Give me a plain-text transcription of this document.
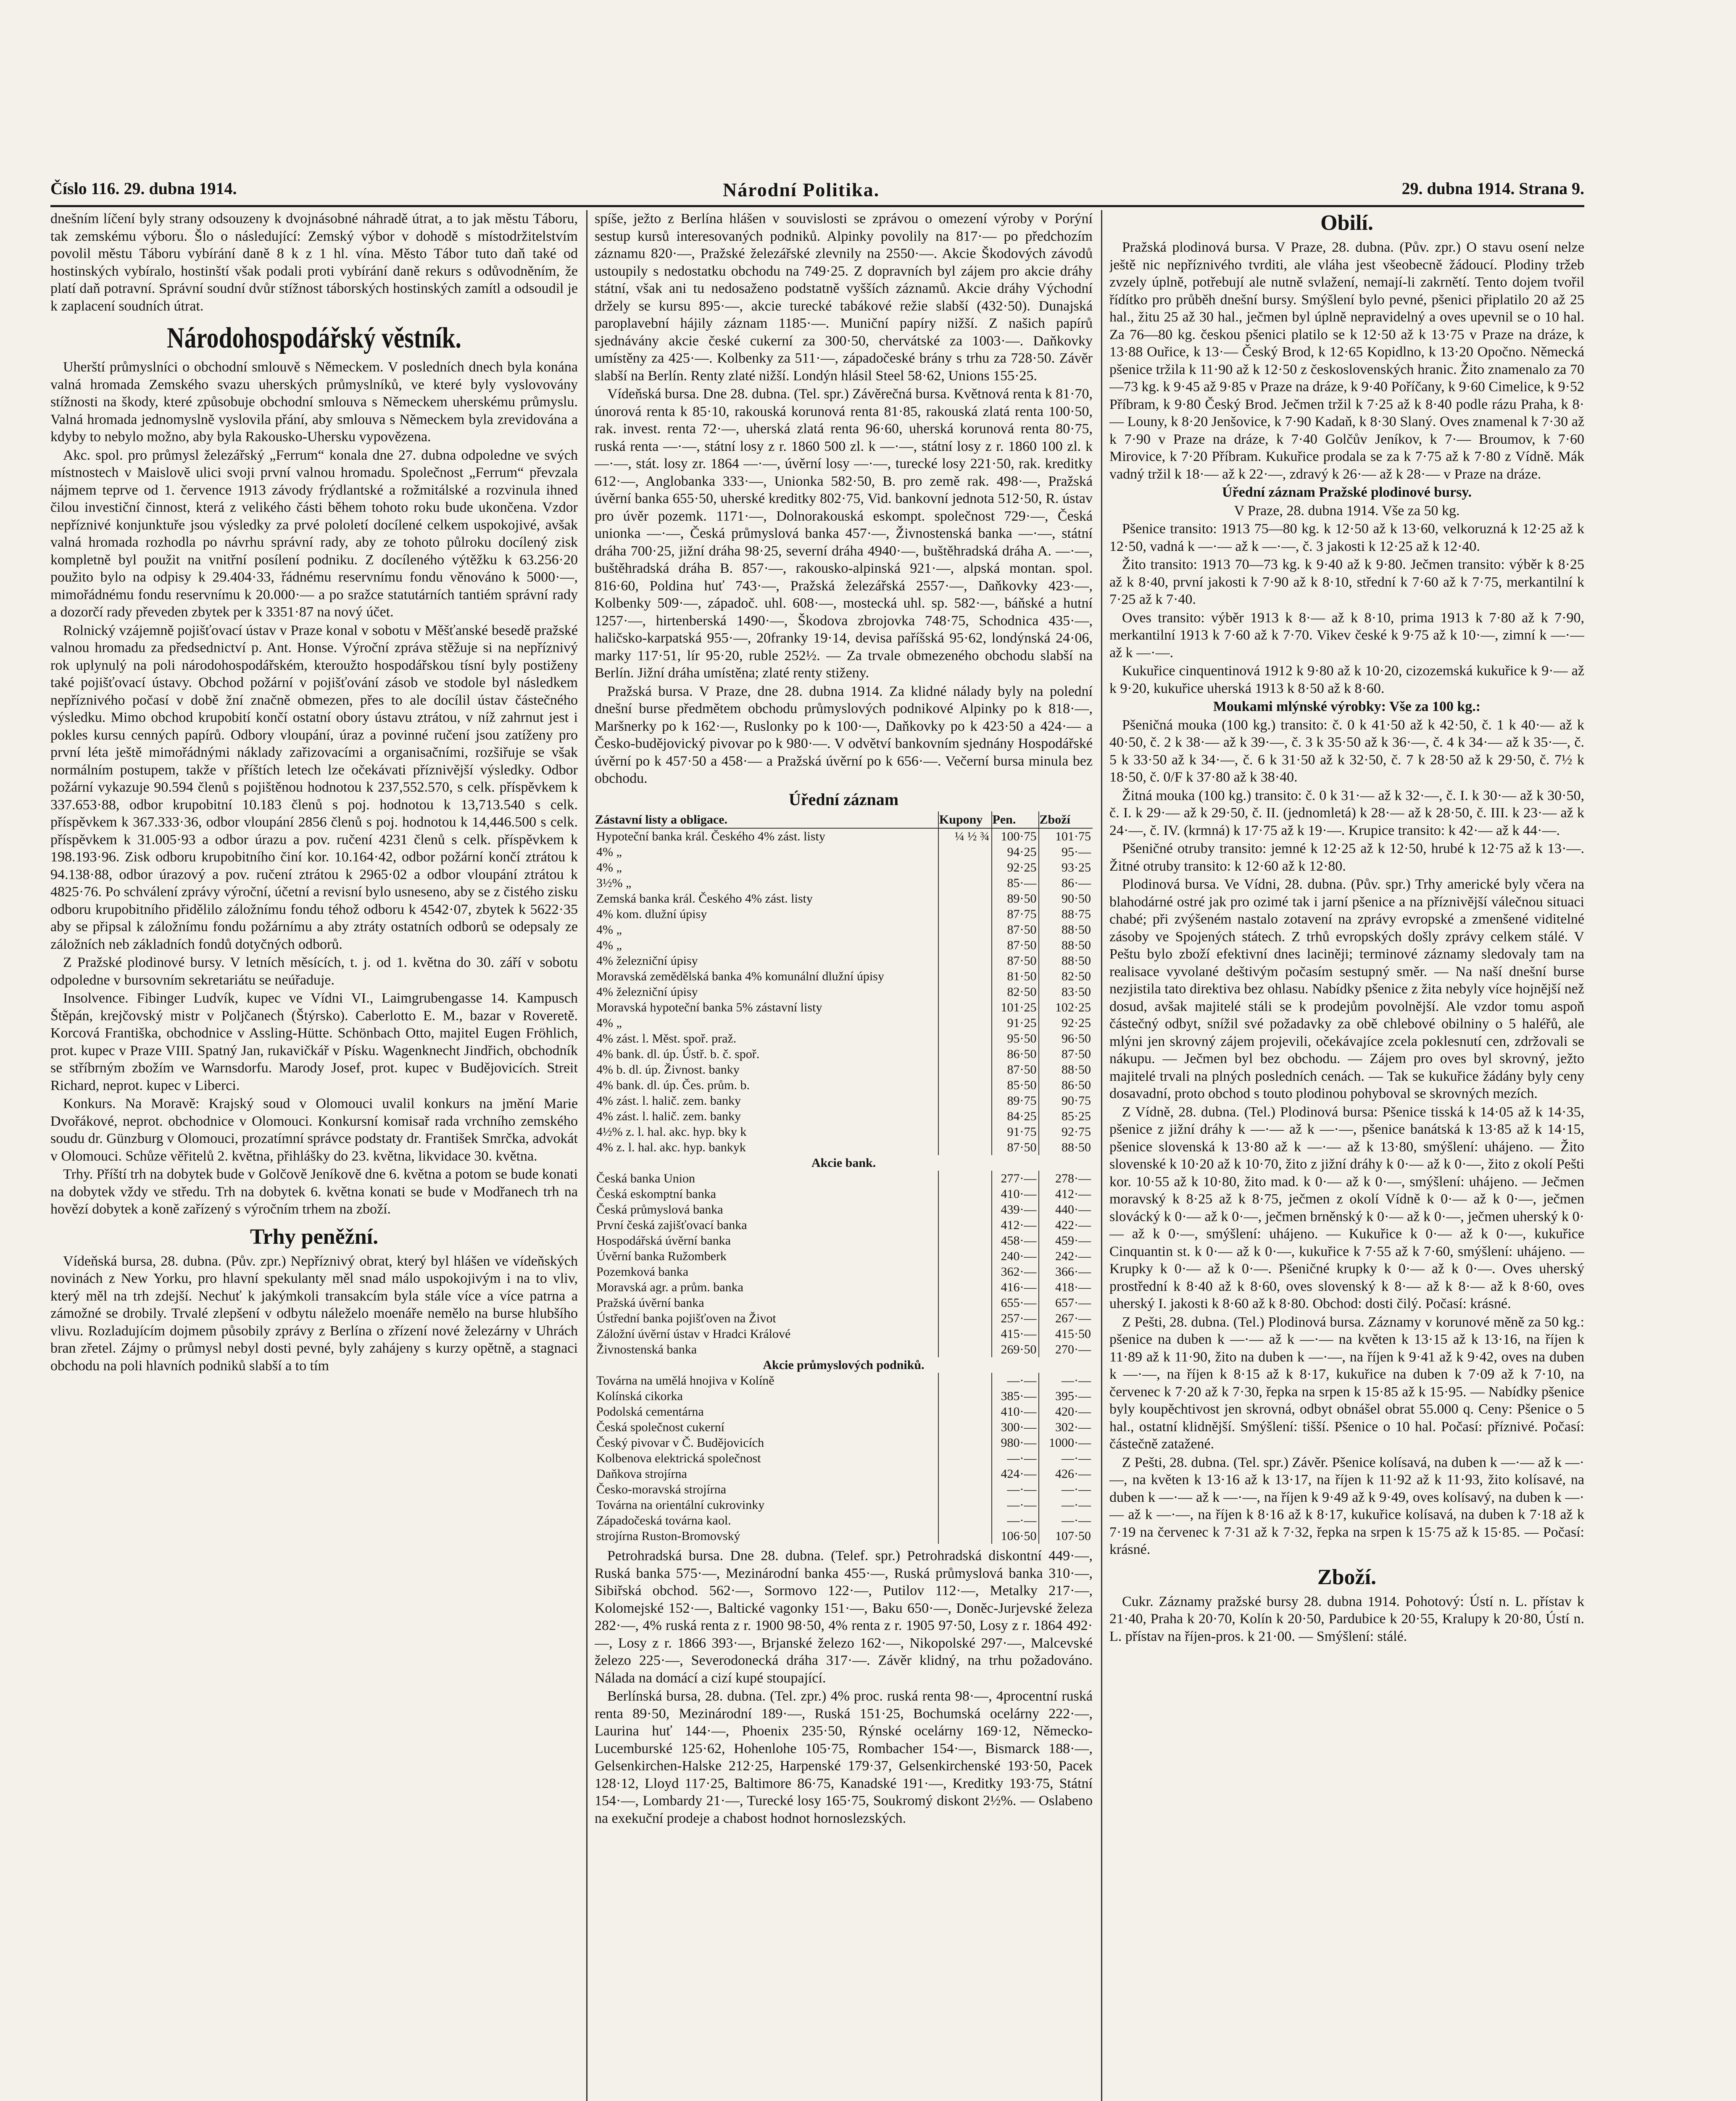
Číslo 116. 29. dubna 1914.	Národní Politika.	29. dubna 1914. Strana 9.

dnešním líčení byly strany odsouzeny k dvojnásobné náhradě útrat, a to jak městu Táboru, tak zemskému výboru. Šlo o následující: Zemský výbor v dohodě s místodržitelstvím povolil městu Táboru vybírání daně 8 k z 1 hl. vína. Město Tábor tuto daň také od hostinských vybíralo, hostinští však podali proti vybírání daně rekurs s odůvodněním, že platí daň potravní. Správní soudní dvůr stížnost táborských hostinských zamítl a odsoudil je k zaplacení soudních útrat.

Národohospodářský věstník.

Uherští průmyslníci o obchodní smlouvě s Německem. V posledních dnech byla konána valná hromada Zemského svazu uherských průmyslníků, ve které byly vyslovovány stížnosti na škody, které způsobuje obchodní smlouva s Německem uherskému průmyslu. Valná hromada jednomyslně vyslovila přání, aby smlouva s Německem byla zrevidována a kdyby to nebylo možno, aby byla Rakousko-Uhersku vypovězena.

Akc. spol. pro průmysl železářský „Ferrum“ konala dne 27. dubna odpoledne ve svých místnostech v Maislově ulici svoji první valnou hromadu. Společnost „Ferrum“ převzala nájmem teprve od 1. července 1913 závody frýdlantské a rožmitálské a rozvinula ihned čilou investiční činnost, která z velikého části během tohoto roku bude ukončena. Vzdor nepříznivé konjunktuře jsou výsledky za prvé pololetí docílené celkem uspokojivé, avšak valná hromada rozhodla po návrhu správní rady, aby ze tohoto půlroku docílený zisk kompletně byl použit na vnitřní posílení podniku. Z docíleného výtěžku k 63.256·20 použito bylo na odpisy k 29.404·33, řádnému reservnímu fondu věnováno k 5000·—, mimořádnému fondu reservnímu k 20.000·— a po sražce statutárních tantiém správní rady a dozorčí rady převeden zbytek per k 3351·87 na nový účet.

Rolnický vzájemně pojišťovací ústav v Praze konal v sobotu v Měšťanské besedě pražské valnou hromadu za předsednictví p. Ant. Honse. Výroční zpráva stěžuje si na nepříznivý rok uplynulý na poli národohospodářském, kteroužto hospodářskou tísní byly postiženy také pojišťovací ústavy. Obchod požární v pojišťování zásob ve stodole byl následkem nepříznivého počasí v době žní značně obmezen, přes to ale docílil ústav částečného výsledku. Mimo obchod krupobití končí ostatní obory ústavu ztrátou, v níž zahrnut jest i pokles kursu cenných papírů. Odbory vloupání, úraz a povinné ručení jsou zatíženy pro první léta ještě mimořádnými náklady zařizovacími a organisačními, rozšiřuje se však normálním postupem, takže v příštích letech lze očekávati příznivější výsledky. Odbor požární vykazuje 90.594 členů s pojištěnou hodnotou k 237,552.570, s celk. příspěvkem k 337.653·88, odbor krupobitní 10.183 členů s poj. hodnotou k 13,713.540 s celk. příspěvkem k 367.333·36, odbor vloupání 2856 členů s poj. hodnotou k 14,446.500 s celk. příspěvkem k 31.005·93 a odbor úrazu a pov. ručení 4231 členů s celk. příspěvkem k 198.193·96. Zisk odboru krupobitního činí kor. 10.164·42, odbor požární končí ztrátou k 94.138·88, odbor úrazový a pov. ručení ztrátou k 2965·02 a odbor vloupání ztrátou k 4825·76. Po schválení zprávy výroční, účetní a revisní bylo usneseno, aby se z čistého zisku odboru krupobitního přidělilo záložnímu fondu téhož odboru k 4542·07, zbytek k 5622·35 aby se připsal k záložnímu fondu požárnímu a aby ztráty ostatních odborů se odepsaly ze záložních neb základních fondů dotyčných odborů.

Z Pražské plodinové bursy. V letních měsících, t. j. od 1. května do 30. září v sobotu odpoledne v bursovním sekretariátu se neúřaduje.

Insolvence. Fibinger Ludvík, kupec ve Vídni VI., Laimgrubengasse 14. Kampusch Štěpán, krejčovský mistr v Poljčanech (Štýrsko). Caberlotto E. M., bazar v Roveretě. Korcová Františka, obchodnice v Assling-Hütte. Schönbach Otto, majitel Eugen Fröhlich, prot. kupec v Praze VIII. Spatný Jan, rukavičkář v Písku. Wagenknecht Jindřich, obchodník se stříbrným zbožím ve Warnsdorfu. Marody Josef, prot. kupec v Budějovicích. Streit Richard, neprot. kupec v Liberci.

Konkurs. Na Moravě: Krajský soud v Olomouci uvalil konkurs na jmění Marie Dvořákové, neprot. obchodnice v Olomouci. Konkursní komisař rada vrchního zemského soudu dr. Günzburg v Olomouci, prozatímní správce podstaty dr. František Smrčka, advokát v Olomouci. Schůze věřitelů 2. května, přihlášky do 23. května, likvidace 30. května.

Trhy. Příští trh na dobytek bude v Golčově Jeníkově dne 6. května a potom se bude konati na dobytek vždy ve středu. Trh na dobytek 6. května konati se bude v Modřanech trh na hovězí dobytek a koně zařízený s výročním trhem na zboží.

Trhy peněžní.

Vídeňská bursa, 28. dubna. (Pův. zpr.) Nepříznivý obrat, který byl hlášen ve vídeňských novinách z New Yorku, pro hlavní spekulanty měl snad málo uspokojivým i na to vliv, který měl na trh zdejší. Nechuť k jakýmkoli transakcím byla stále více a více patrna a zámožné se drobily. Trvalé zlepšení v odbytu náleželo moenáře nemělo na burse hlubšího vlivu. Rozladujícím dojmem působily zprávy z Berlína o zřízení nové železárny v Uhrách bran zřetel. Zájmy o průmysl nebyl dosti pevné, byly zahájeny s kurzy opětně, a stagnaci obchodu na poli hlavních podniků slabší a to tím

spíše, ježto z Berlína hlášen v souvislosti se zprávou o omezení výroby v Porýní sestup kursů interesovaných podniků. Alpinky povolily na 817·— po předchozím záznamu 820·—, Pražské železářské zlevnily na 2550·—. Akcie Škodových závodů ustoupily s nedostatku obchodu na 749·25. Z dopravních byl zájem pro akcie dráhy státní, však ani tu nedosaženo podstatně vyšších záznamů. Akcie dráhy Východní držely se kursu 895·—, akcie turecké tabákové režie slabší (432·50). Dunajská paroplavební hájily záznam 1185·—. Muniční papíry nižší. Z našich papírů sjednávány akcie české cukerní za 300·50, chervátské za 1003·—. Daňkovky umístěny za 425·—. Kolbenky za 511·—, západočeské brány s trhu za 728·50. Závěr slabší na Berlín. Renty zlaté nižší. Londýn hlásil Steel 58·62, Unions 155·25.

Vídeňská bursa. Dne 28. dubna. (Tel. spr.) Závěrečná bursa. Květnová renta k 81·70, únorová renta k 85·10, rakouská korunová renta 81·85, rakouská zlatá renta 100·50, rak. invest. renta 72·—, uherská zlatá renta 96·60, uherská korunová renta 80·75, ruská renta —·—, státní losy z r. 1860 500 zl. k —·—, státní losy z r. 1860 100 zl. k —·—, stát. losy zr. 1864 —·—, úvěrní losy —·—, turecké losy 221·50, rak. kreditky 612·—, Anglobanka 333·—, Unionka 582·50, B. pro země rak. 498·—, Pražská úvěrní banka 655·50, uherské kreditky 802·75, Vid. bankovní jednota 512·50, R. ústav pro úvěr pozemk. 1171·—, Dolnorakouská eskompt. společnost 729·—, Česká unionka —·—, Česká průmyslová banka 457·—, Živnostenská banka —·—, státní dráha 700·25, jižní dráha 98·25, severní dráha 4940·—, buštěhradská dráha A. —·—, buštěhradská dráha B. 857·—, rakousko-alpinská 921·—, alpská montan. spol. 816·60, Poldina huť 743·—, Pražská železářská 2557·—, Daňkovky 423·—, Kolbenky 509·—, západoč. uhl. 608·—, mostecká uhl. sp. 582·—, báňské a hutní 1257·—, hirtenberská 1490·—, Škodova zbrojovka 748·75, Schodnica 435·—, haličsko-karpatská 955·—, 20franky 19·14, devisa paříšská 95·62, londýnská 24·06, marky 117·51, lír 95·20, ruble 252½. — Za trvale obmezeného obchodu slabší na Berlín. Jižní dráha umístěna; zlaté renty stiženy.

Pražská bursa. V Praze, dne 28. dubna 1914. Za klidné nálady byly na polední dnešní burse předmětem obchodu průmyslových podnikové Alpinky po k 818·—, Maršnerky po k 162·—, Ruslonky po k 100·—, Daňkovky po k 423·50 a 424·— a Česko-budějovický pivovar po k 980·—. V odvětví bankovním sjednány Hospodářské úvěrní po k 457·50 a 458·— a Pražská úvěrní po k 656·—. Večerní bursa minula bez obchodu.

Úřední záznam
Zástavní listy a obligace.	Kupony	Pen.	Zboží
Hypoteční banka král. Českého 4% zást. listy	¼ ½ ¾	100·75	101·75
4% „		94·25	95·—
4% „		92·25	93·25
3½% „		85·—	86·—
Zemská banka král. Českého 4% zást. listy		89·50	90·50
4% kom. dlužní úpisy		87·75	88·75
4% „		87·50	88·50
4% „		87·50	88·50
4% železniční úpisy		87·50	88·50
Moravská zemědělská banka 4% komunální dlužní úpisy		81·50	82·50
4% železniční úpisy		82·50	83·50
Moravská hypoteční banka 5% zástavní listy		101·25	102·25
4% „		91·25	92·25
4% zást. l. Měst. spoř. praž.		95·50	96·50
4% bank. dl. úp. Ústř. b. č. spoř.		86·50	87·50
4% b. dl. úp. Živnost. banky		87·50	88·50
4% bank. dl. úp. Čes. prům. b.		85·50	86·50
4% zást. l. halič. zem. banky		89·75	90·75
4% zást. l. halič. zem. banky		84·25	85·25
4½% z. l. hal. akc. hyp. bky k		91·75	92·75
4% z. l. hal. akc. hyp. bankyk		87·50	88·50
Akcie bank.			
Česká banka Union		277·—	278·—
Česká eskomptní banka		410·—	412·—
Česká průmyslová banka		439·—	440·—
První česká zajišťovací banka		412·—	422·—
Hospodářská úvěrní banka		458·—	459·—
Úvěrní banka Ružomberk		240·—	242·—
Pozemková banka		362·—	366·—
Moravská agr. a prům. banka		416·—	418·—
Pražská úvěrní banka		655·—	657·—
Ústřední banka pojišťoven na Život		257·—	267·—
Záložní úvěrní ústav v Hradci Králové		415·—	415·50
Živnostenská banka		269·50	270·—
Akcie průmyslových podniků.			
Továrna na umělá hnojiva v Kolíně		—·—	—·—
Kolínská cikorka		385·—	395·—
Podolská cementárna		410·—	420·—
Česká společnost cukerní		300·—	302·—
Český pivovar v Č. Budějovicích		980·—	1000·—
Kolbenova elektrická společnost		—·—	—·—
Daňkova strojírna		424·—	426·—
Česko-moravská strojírna		—·—	—·—
Továrna na orientální cukrovinky		—·—	—·—
Západočeská továrna kaol.		—·—	—·—
strojírna Ruston-Bromovský		106·50	107·50

Petrohradská bursa. Dne 28. dubna. (Telef. spr.) Petrohradská diskontní 449·—, Ruská banka 575·—, Mezinárodní banka 455·—, Ruská průmyslová banka 310·—, Sibiřská obchod. 562·—, Sormovo 122·—, Putilov 112·—, Metalky 217·—, Kolomejské 152·—, Baltické vagonky 151·—, Baku 650·—, Doněc-Jurjevské železa 282·—, 4% ruská renta z r. 1900 98·50, 4% renta z r. 1905 97·50, Losy z r. 1864 492·—, Losy z r. 1866 393·—, Brjanské železo 162·—, Nikopolské 297·—, Malcevské železo 225·—, Severodonecká dráha 317·—. Závěr klidný, na trhu požadováno. Nálada na domácí a cizí kupé stoupající.

Berlínská bursa, 28. dubna. (Tel. zpr.) 4% proc. ruská renta 98·—, 4procentní ruská renta 89·50, Mezinárodní 189·—, Ruská 151·25, Bochumská ocelárny 222·—, Laurina huť 144·—, Phoenix 235·50, Rýnské ocelárny 169·12, Německo-Lucemburské 125·62, Hohenlohe 105·75, Rombacher 154·—, Bismarck 188·—, Gelsenkirchen-Halske 212·25, Harpenské 179·37, Gelsenkirchenské 193·50, Pacek 128·12, Lloyd 117·25, Baltimore 86·75, Kanadské 191·—, Kreditky 193·75, Státní 154·—, Lombardy 21·—, Turecké losy 165·75, Soukromý diskont 2½%. — Oslabeno na exekuční prodeje a chabost hodnot hornoslezských.

Obilí.

Pražská plodinová bursa. V Praze, 28. dubna. (Pův. zpr.) O stavu osení nelze ještě nic nepříznivého tvrditi, ale vláha jest všeobecně žádoucí. Plodiny tržeb zvzely úplně, potřebují ale nutně svlažení, nemají-li zakrnětí. Tento dojem tvořil řídítko pro průběh dnešní bursy. Smýšlení bylo pevné, pšenici připlatilo 20 až 25 hal., žitu 25 až 30 hal., ječmen byl úplně nepravidelný a oves upevnil se o 10 hal. Za 76—80 kg. českou pšenici platilo se k 12·50 až k 13·75 v Praze na dráze, k 13·88 Ouřice, k 13·— Český Brod, k 12·65 Kopidlno, k 13·20 Opočno. Německá pšenice tržila k 11·90 až k 12·50 z československých hranic. Žito znamenalo za 70—73 kg. k 9·45 až 9·85 v Praze na dráze, k 9·40 Poříčany, k 9·60 Cimelice, k 9·52 Příbram, k 9·80 Český Brod. Ječmen tržil k 7·25 až k 8·40 podle rázu Praha, k 8·— Louny, k 8·20 Jenšovice, k 7·90 Kadaň, k 8·30 Slaný. Oves znamenal k 7·30 až k 7·90 v Praze na dráze, k 7·40 Golčův Jeníkov, k 7·— Broumov, k 7·60 Mirovice, k 7·20 Příbram. Kukuřice prodala se za k 7·75 až k 7·80 z Vídně. Mák vadný tržil k 18·— až k 22·—, zdravý k 26·— až k 28·— v Praze na dráze.

Úřední záznam Pražské plodinové bursy.

V Praze, 28. dubna 1914. Vše za 50 kg.

Pšenice transito: 1913 75—80 kg. k 12·50 až k 13·60, velkoruzná k 12·25 až k 12·50, vadná k —·— až k —·—, č. 3 jakosti k 12·25 až k 12·40.

Žito transito: 1913 70—73 kg. k 9·40 až k 9·80. Ječmen transito: výběr k 8·25 až k 8·40, první jakosti k 7·90 až k 8·10, střední k 7·60 až k 7·75, merkantilní k 7·25 až k 7·40.

Oves transito: výběr 1913 k 8·— až k 8·10, prima 1913 k 7·80 až k 7·90, merkantilní 1913 k 7·60 až k 7·70. Vikev české k 9·75 až k 10·—, zimní k —·— až k —·—.

Kukuřice cinquentinová 1912 k 9·80 až k 10·20, cizozemská kukuřice k 9·— až k 9·20, kukuřice uherská 1913 k 8·50 až k 8·60.

Moukami mlýnské výrobky: Vše za 100 kg.:

Pšeničná mouka (100 kg.) transito: č. 0 k 41·50 až k 42·50, č. 1 k 40·— až k 40·50, č. 2 k 38·— až k 39·—, č. 3 k 35·50 až k 36·—, č. 4 k 34·— až k 35·—, č. 5 k 33·50 až k 34·—, č. 6 k 31·50 až k 32·50, č. 7 k 28·50 až k 29·50, č. 7½ k 18·50, č. 0/F k 37·80 až k 38·40.

Žitná mouka (100 kg.) transito: č. 0 k 31·— až k 32·—, č. I. k 30·— až k 30·50, č. I. k 29·— až k 29·50, č. II. (jednomletá) k 28·— až k 28·50, č. III. k 23·— až k 24·—, č. IV. (krmná) k 17·75 až k 19·—. Krupice transito: k 42·— až k 44·—.

Pšeničné otruby transito: jemné k 12·25 až k 12·50, hrubé k 12·75 až k 13·—. Žitné otruby transito: k 12·60 až k 12·80.

Plodinová bursa. Ve Vídni, 28. dubna. (Pův. spr.) Trhy americké byly včera na blahodárné ostré jak pro ozimé tak i jarní pšenice a na příznivější válečnou situaci chabé; při zvýšeném nastalo zotavení na zprávy evropské a zmenšené viditelné zásoby ve Spojených státech. Z trhů evropských došly zprávy celkem stálé. V Peštu bylo zboží efektivní dnes laciněji; terminové záznamy sledovaly tam na realisace vyvolané deštivým počasím sestupný směr. — Na naší dnešní burse nezjistila tato direktiva bez ohlasu. Nabídky pšenice z žita nebyly více hojnější než dosud, avšak majitelé stáli se k prodejům povolnější. Ale vzdor tomu aspoň částečný odbyt, snížil své požadavky za obě chlebové obilniny o 5 haléřů, ale mlýni jen skrovný zájem projevili, očekávajíce zcela poklesnutí cen, zdržovali se nákupu. — Ječmen byl bez obchodu. — Zájem pro oves byl skrovný, ježto majitelé trvali na plných posledních cenách. — Tak se kukuřice žádány byly ceny dosavadní, proto obchod s touto plodinou pohyboval se skrovných mezích.

Z Vídně, 28. dubna. (Tel.) Plodinová bursa: Pšenice tisská k 14·05 až k 14·35, pšenice z jižní dráhy k —·— až k —·—, pšenice banátská k 13·85 až k 14·15, pšenice slovenská k 13·80 až k —·— až k 13·80, smýšlení: uhájeno. — Žito slovenské k 10·20 až k 10·70, žito z jižní dráhy k 0·— až k 0·—, žito z okolí Pešti kor. 10·55 až k 10·80, žito mad. k 0·— až k 0·—, smýšlení: uhájeno. — Ječmen moravský k 8·25 až k 8·75, ječmen z okolí Vídně k 0·— až k 0·—, ječmen slovácký k 0·— až k 0·—, ječmen brněnský k 0·— až k 0·—, ječmen uherský k 0·— až k 0·—, smýšlení: uhájeno. — Kukuřice k 0·— až k 0·—, kukuřice Cinquantin st. k 0·— až k 0·—, kukuřice k 7·55 až k 7·60, smýšlení: uhájeno. — Krupky k 0·— až k 0·—. Pšeničné krupky k 0·— až k 0·—. Oves uherský prostřední k 8·40 až k 8·60, oves slovenský k 8·— až k 8·— až k 8·60, oves uherský I. jakosti k 8·60 až k 8·80. Obchod: dosti čilý. Počasí: krásné.

Z Pešti, 28. dubna. (Tel.) Plodinová bursa. Záznamy v korunové měně za 50 kg.: pšenice na duben k —·— až k —·— na květen k 13·15 až k 13·16, na říjen k 11·89 až k 11·90, žito na duben k —·—, na říjen k 9·41 až k 9·42, oves na duben k —·—, na říjen k 8·15 až k 8·17, kukuřice na duben k 7·09 až k 7·10, na červenec k 7·20 až k 7·30, řepka na srpen k 15·85 až k 15·95. — Nabídky pšenice byly koupěchtivost jen skrovná, odbyt obnášel obrat 55.000 q. Ceny: Pšenice o 5 hal., ostatní klidnější. Smýšlení: tišší. Pšenice o 10 hal. Počasí: příznivé. Počasí: částečně zatažené.

Z Pešti, 28. dubna. (Tel. spr.) Závěr. Pšenice kolísavá, na duben k —·— až k —·—, na květen k 13·16 až k 13·17, na říjen k 11·92 až k 11·93, žito kolísavé, na duben k —·— až k —·—, na říjen k 9·49 až k 9·49, oves kolísavý, na duben k —·— až k —·—, na říjen k 8·16 až k 8·17, kukuřice kolísavá, na duben k 7·18 až k 7·19 na červenec k 7·31 až k 7·32, řepka na srpen k 15·75 až k 15·85. — Počasí: krásné.

Zboží.

Cukr. Záznamy pražské bursy 28. dubna 1914. Pohotový: Ústí n. L. přístav k 21·40, Praha k 20·70, Kolín k 20·50, Pardubice k 20·55, Kralupy k 20·80, Ústí n. L. přístav na říjen-pros. k 21·00. — Smýšlení: stálé.
